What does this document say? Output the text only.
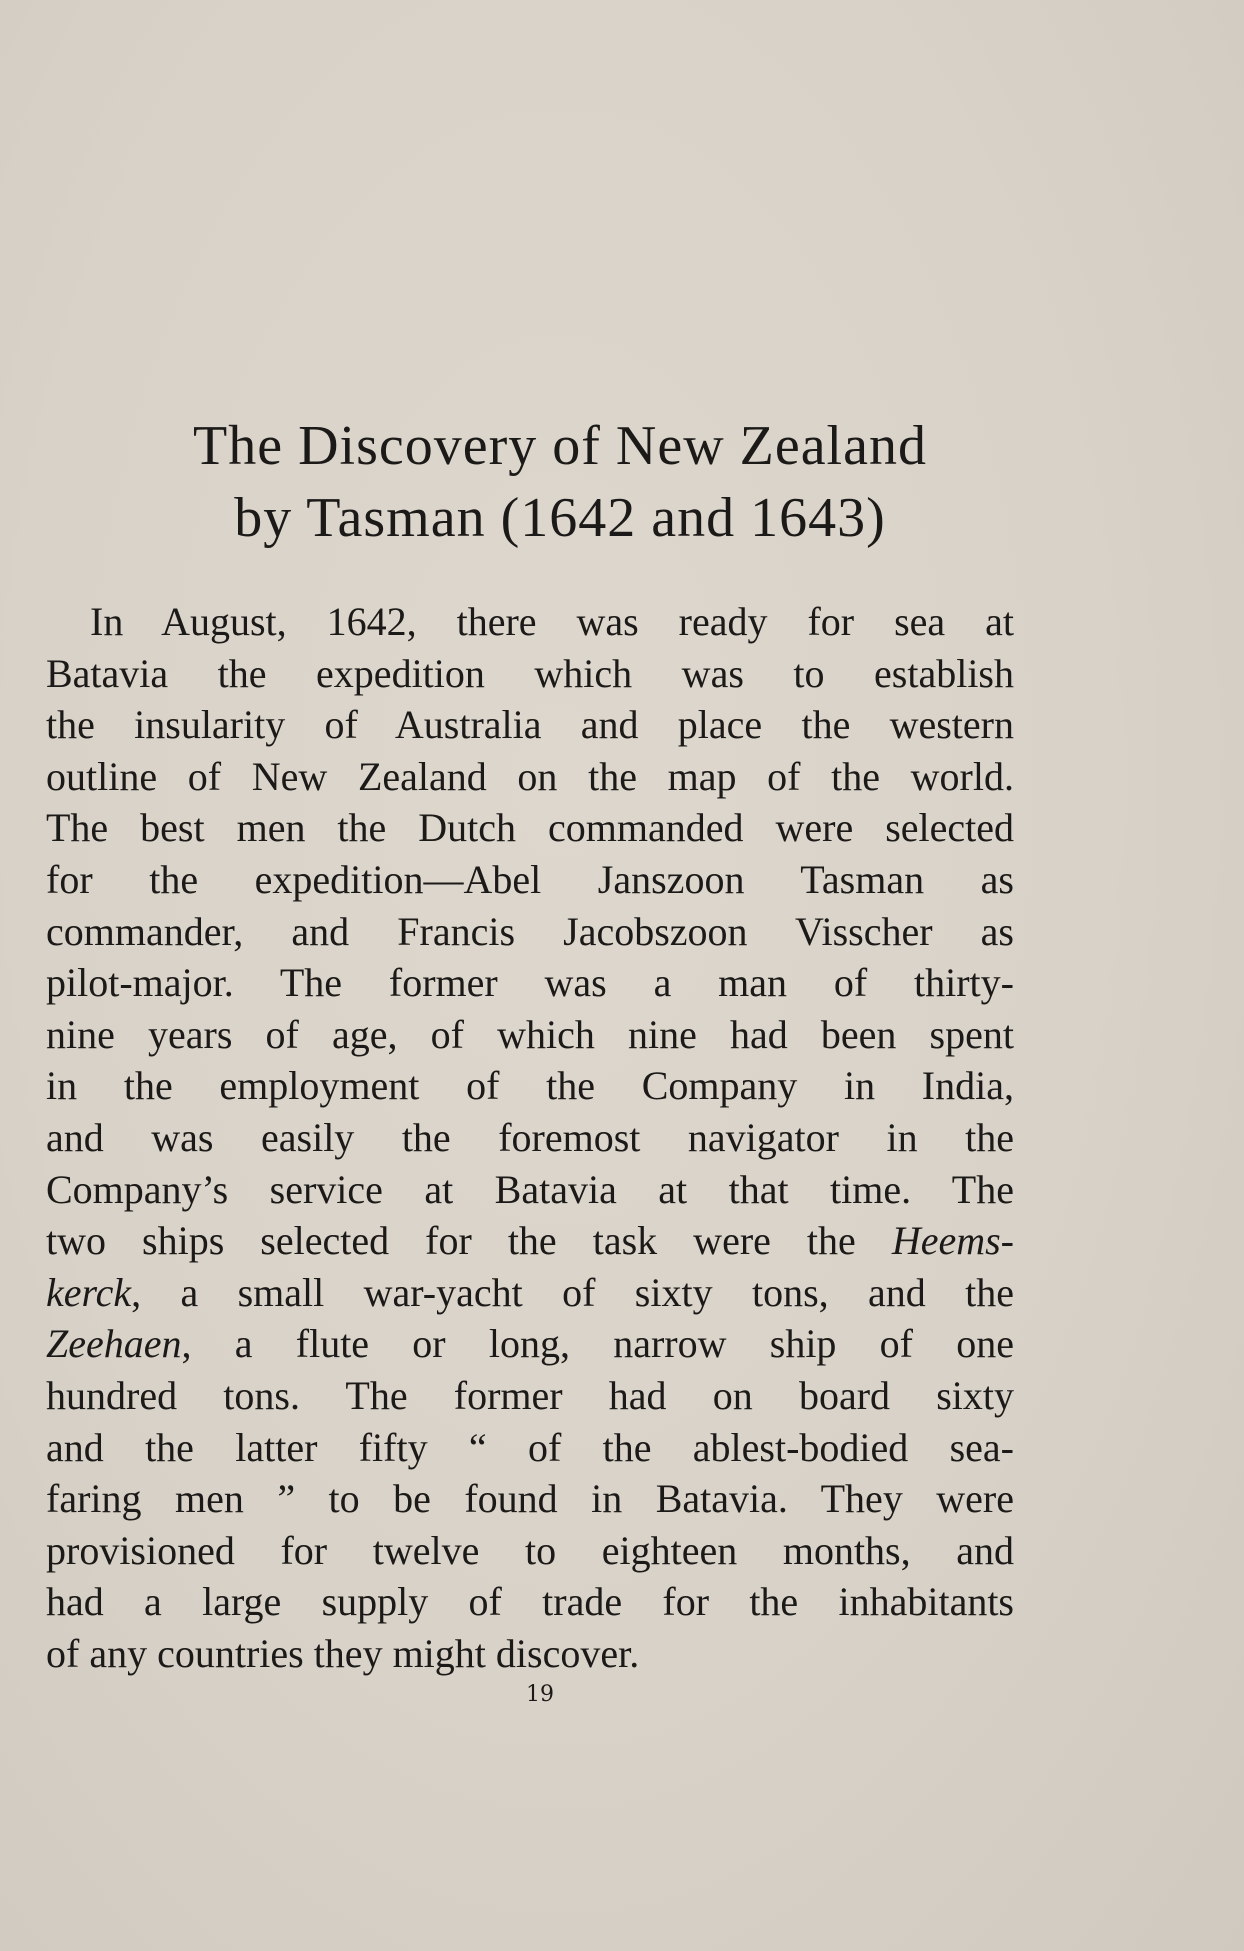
The Discovery of New Zealand
by Tasman (1642 and 1643)
In August, 1642, there was ready for sea at
Batavia the expedition which was to establish
the insularity of Australia and place the western
outline of New Zealand on the map of the world.
The best men the Dutch commanded were selected
for the expedition—Abel Janszoon Tasman as
commander, and Francis Jacobszoon Visscher as
pilot-major. The former was a man of thirty-
nine years of age, of which nine had been spent
in the employment of the Company in India,
and was easily the foremost navigator in the
Company’s service at Batavia at that time. The
two ships selected for the task were the Heems-
kerck, a small war-yacht of sixty tons, and the
Zeehaen, a flute or long, narrow ship of one
hundred tons. The former had on board sixty
and the latter fifty “ of the ablest-bodied sea-
faring men ” to be found in Batavia. They were
provisioned for twelve to eighteen months, and
had a large supply of trade for the inhabitants
of any countries they might discover.
19
